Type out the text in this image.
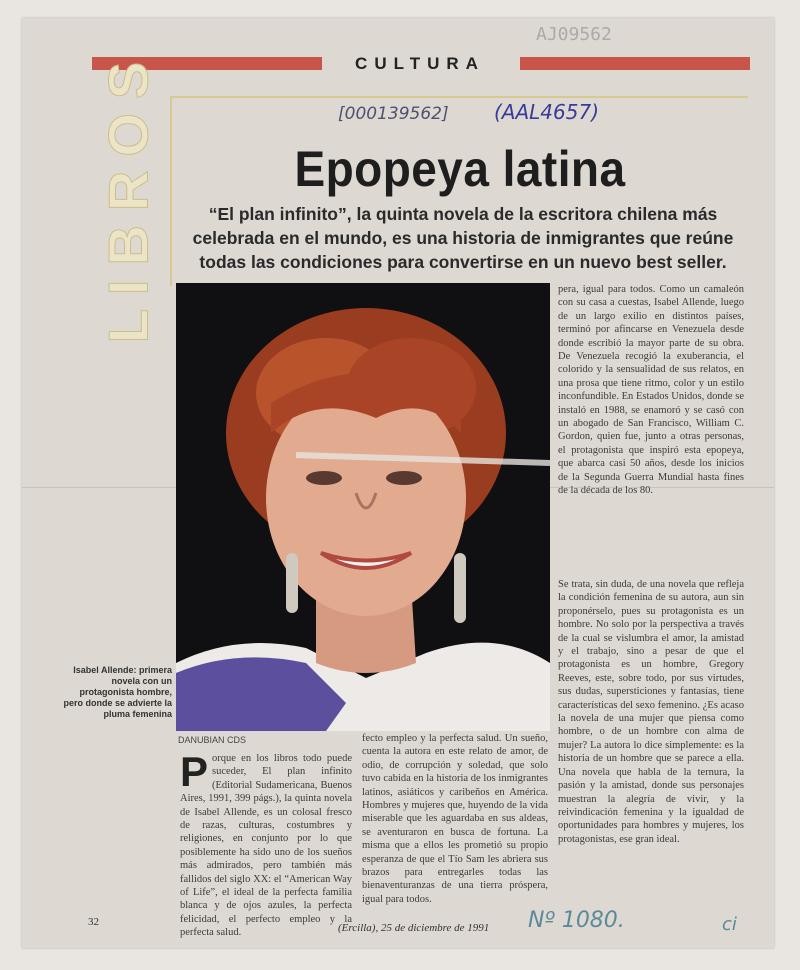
CULTURA
AJ09562
LIBROS	[000139562] (AAL4657)
Epopeya latina
“El plan infinito”, la quinta novela de la escritora chilena más celebrada en el mundo, es una historia de inmigrantes que reúne todas las condiciones para convertirse en un nuevo best seller.
Isabel Allende: primera novela con un protagonista hombre, pero donde se advierte la pluma femenina
DANUBIAN CDS

Porque en los libros todo puede suceder, El plan infinito (Editorial Sudamericana, Buenos Aires, 1991, 399 págs.), la quinta novela de Isabel Allende, es un colosal fresco de razas, culturas, costumbres y religiones, en conjunto por lo que posiblemente ha sido uno de los sueños más admirados, pero también más fallidos del siglo XX: el “American Way of Life”, el ideal de la perfecta familia blanca y de ojos azules, la perfecta felicidad, el perfecto empleo y la perfecta salud.

fecto empleo y la perfecta salud. Un sueño, cuenta la autora en este relato de amor, de odio, de corrupción y soledad, que solo tuvo cabida en la historia de los inmigrantes latinos, asiáticos y caribeños en América. Hombres y mujeres que, huyendo de la vida miserable que les aguardaba en sus aldeas, se aventuraron en busca de fortuna. La misma que a ellos les prometió su propio esperanza de que el Tío Sam les abriera sus brazos para entregarles todas las bienaventuranzas de una tierra próspera, igual para todos.

pera, igual para todos. Como un camaleón con su casa a cuestas, Isabel Allende, luego de un largo exilio en distintos países, terminó por afincarse en Venezuela desde donde escribió la mayor parte de su obra. De Venezuela recogió la exuberancia, el colorido y la sensualidad de sus relatos, en una prosa que tiene ritmo, color y un estilo inconfundible. En Estados Unidos, donde se instaló en 1988, se enamoró y se casó con un abogado de San Francisco, William C. Gordon, quien fue, junto a otras personas, el protagonista que inspiró esta epopeya, que abarca casi 50 años, desde los inicios de la Segunda Guerra Mundial hasta fines de la década de los 80.

Se trata, sin duda, de una novela que refleja la condición femenina de su autora, aun sin proponérselo, pues su protagonista es un hombre. No solo por la perspectiva a través de la cual se vislumbra el amor, la amistad y el trabajo, sino a pesar de que el protagonista es un hombre, Gregory Reeves, este, sobre todo, por sus virtudes, sus dudas, supersticiones y fantasías, tiene características del sexo femenino. ¿Es acaso la novela de una mujer que piensa como hombre, o de un hombre con alma de mujer? La autora lo dice simplemente: es la historia de un hombre que se parece a ella. Una novela que habla de la ternura, la pasión y la amistad, donde sus personajes muestran la alegría de vivir, y la reivindicación femenina y la igualdad de oportunidades para hombres y mujeres, los protagonistas, ese gran ideal.

32	(Ercilla), 25 de diciembre de 1991 Nº 1080.	ci
